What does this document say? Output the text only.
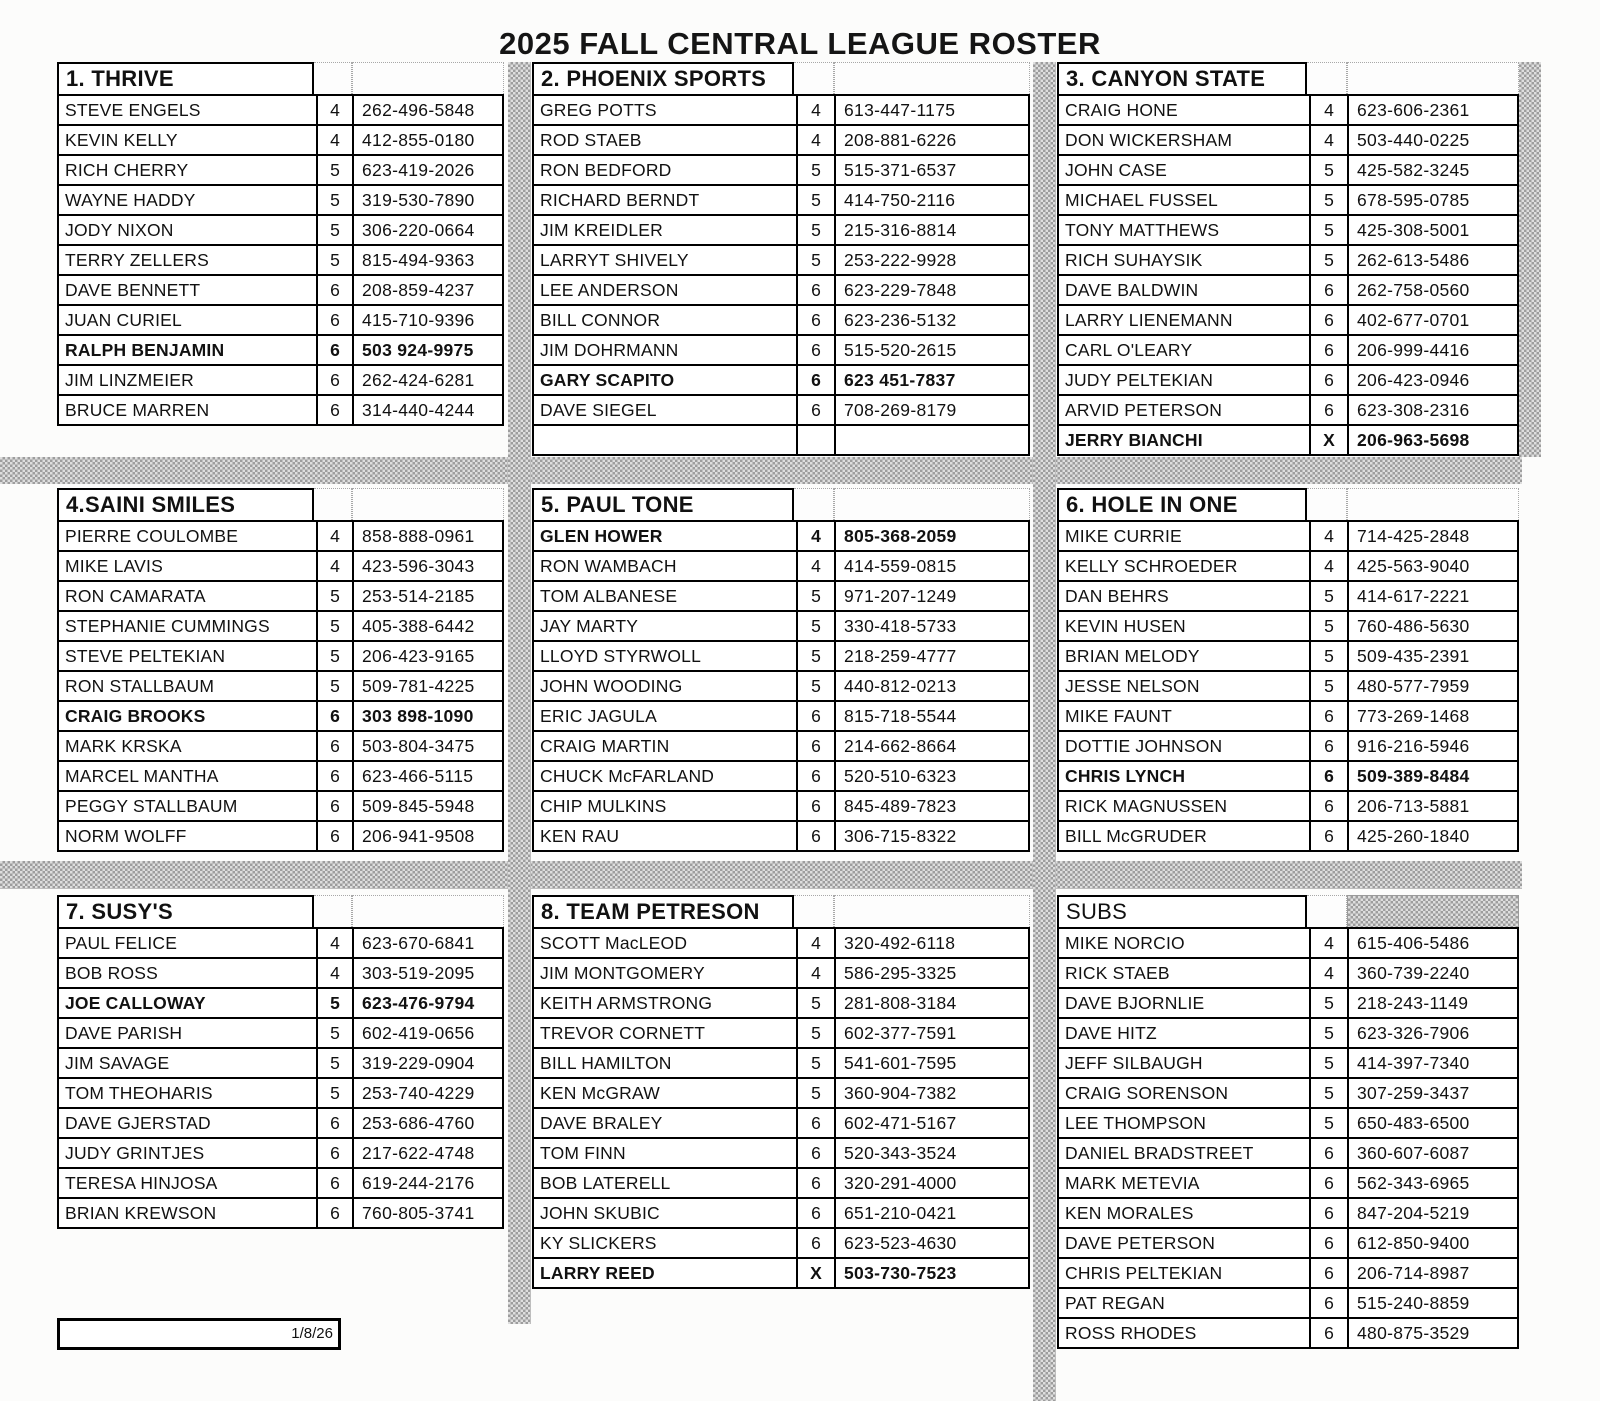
2025 FALL CENTRAL LEAGUE ROSTER
1. THRIVE
STEVE ENGELS	4	262-496-5848
KEVIN KELLY	4	412-855-0180
RICH CHERRY	5	623-419-2026
WAYNE HADDY	5	319-530-7890
JODY NIXON	5	306-220-0664
TERRY ZELLERS	5	815-494-9363
DAVE BENNETT	6	208-859-4237
JUAN CURIEL	6	415-710-9396
RALPH BENJAMIN	6	503 924-9975
JIM LINZMEIER	6	262-424-6281
BRUCE MARREN	6	314-440-4244
2. PHOENIX SPORTS
GREG POTTS	4	613-447-1175
ROD STAEB	4	208-881-6226
RON BEDFORD	5	515-371-6537
RICHARD BERNDT	5	414-750-2116
JIM KREIDLER	5	215-316-8814
LARRYT SHIVELY	5	253-222-9928
LEE ANDERSON	6	623-229-7848
BILL CONNOR	6	623-236-5132
JIM DOHRMANN	6	515-520-2615
GARY SCAPITO	6	623 451-7837
DAVE SIEGEL	6	708-269-8179
3. CANYON STATE
CRAIG HONE	4	623-606-2361
DON WICKERSHAM	4	503-440-0225
JOHN CASE	5	425-582-3245
MICHAEL FUSSEL	5	678-595-0785
TONY MATTHEWS	5	425-308-5001
RICH SUHAYSIK	5	262-613-5486
DAVE BALDWIN	6	262-758-0560
LARRY LIENEMANN	6	402-677-0701
CARL O'LEARY	6	206-999-4416
JUDY PELTEKIAN	6	206-423-0946
ARVID PETERSON	6	623-308-2316
JERRY BIANCHI	X	206-963-5698
4.SAINI SMILES
PIERRE COULOMBE	4	858-888-0961
MIKE LAVIS	4	423-596-3043
RON CAMARATA	5	253-514-2185
STEPHANIE CUMMINGS	5	405-388-6442
STEVE PELTEKIAN	5	206-423-9165
RON STALLBAUM	5	509-781-4225
CRAIG BROOKS	6	303 898-1090
MARK KRSKA	6	503-804-3475
MARCEL MANTHA	6	623-466-5115
PEGGY STALLBAUM	6	509-845-5948
NORM WOLFF	6	206-941-9508
5. PAUL TONE
GLEN HOWER	4	805-368-2059
RON WAMBACH	4	414-559-0815
TOM ALBANESE	5	971-207-1249
JAY MARTY	5	330-418-5733
LLOYD STYRWOLL	5	218-259-4777
JOHN WOODING	5	440-812-0213
ERIC JAGULA	6	815-718-5544
CRAIG MARTIN	6	214-662-8664
CHUCK McFARLAND	6	520-510-6323
CHIP MULKINS	6	845-489-7823
KEN RAU	6	306-715-8322
6. HOLE IN ONE
MIKE CURRIE	4	714-425-2848
KELLY SCHROEDER	4	425-563-9040
DAN BEHRS	5	414-617-2221
KEVIN HUSEN	5	760-486-5630
BRIAN MELODY	5	509-435-2391
JESSE NELSON	5	480-577-7959
MIKE FAUNT	6	773-269-1468
DOTTIE JOHNSON	6	916-216-5946
CHRIS LYNCH	6	509-389-8484
RICK MAGNUSSEN	6	206-713-5881
BILL McGRUDER	6	425-260-1840
7. SUSY'S
PAUL FELICE	4	623-670-6841
BOB ROSS	4	303-519-2095
JOE CALLOWAY	5	623-476-9794
DAVE PARISH	5	602-419-0656
JIM SAVAGE	5	319-229-0904
TOM THEOHARIS	5	253-740-4229
DAVE GJERSTAD	6	253-686-4760
JUDY GRINTJES	6	217-622-4748
TERESA HINJOSA	6	619-244-2176
BRIAN KREWSON	6	760-805-3741
8. TEAM PETRESON
SCOTT MacLEOD	4	320-492-6118
JIM MONTGOMERY	4	586-295-3325
KEITH ARMSTRONG	5	281-808-3184
TREVOR CORNETT	5	602-377-7591
BILL HAMILTON	5	541-601-7595
KEN McGRAW	5	360-904-7382
DAVE BRALEY	6	602-471-5167
TOM FINN	6	520-343-3524
BOB LATERELL	6	320-291-4000
JOHN SKUBIC	6	651-210-0421
KY SLICKERS	6	623-523-4630
LARRY REED	X	503-730-7523
SUBS
MIKE NORCIO	4	615-406-5486
RICK STAEB	4	360-739-2240
DAVE BJORNLIE	5	218-243-1149
DAVE HITZ	5	623-326-7906
JEFF SILBAUGH	5	414-397-7340
CRAIG SORENSON	5	307-259-3437
LEE THOMPSON	5	650-483-6500
DANIEL BRADSTREET	6	360-607-6087
MARK METEVIA	6	562-343-6965
KEN MORALES	6	847-204-5219
DAVE PETERSON	6	612-850-9400
CHRIS PELTEKIAN	6	206-714-8987
PAT REGAN	6	515-240-8859
ROSS RHODES	6	480-875-3529
1/8/26
